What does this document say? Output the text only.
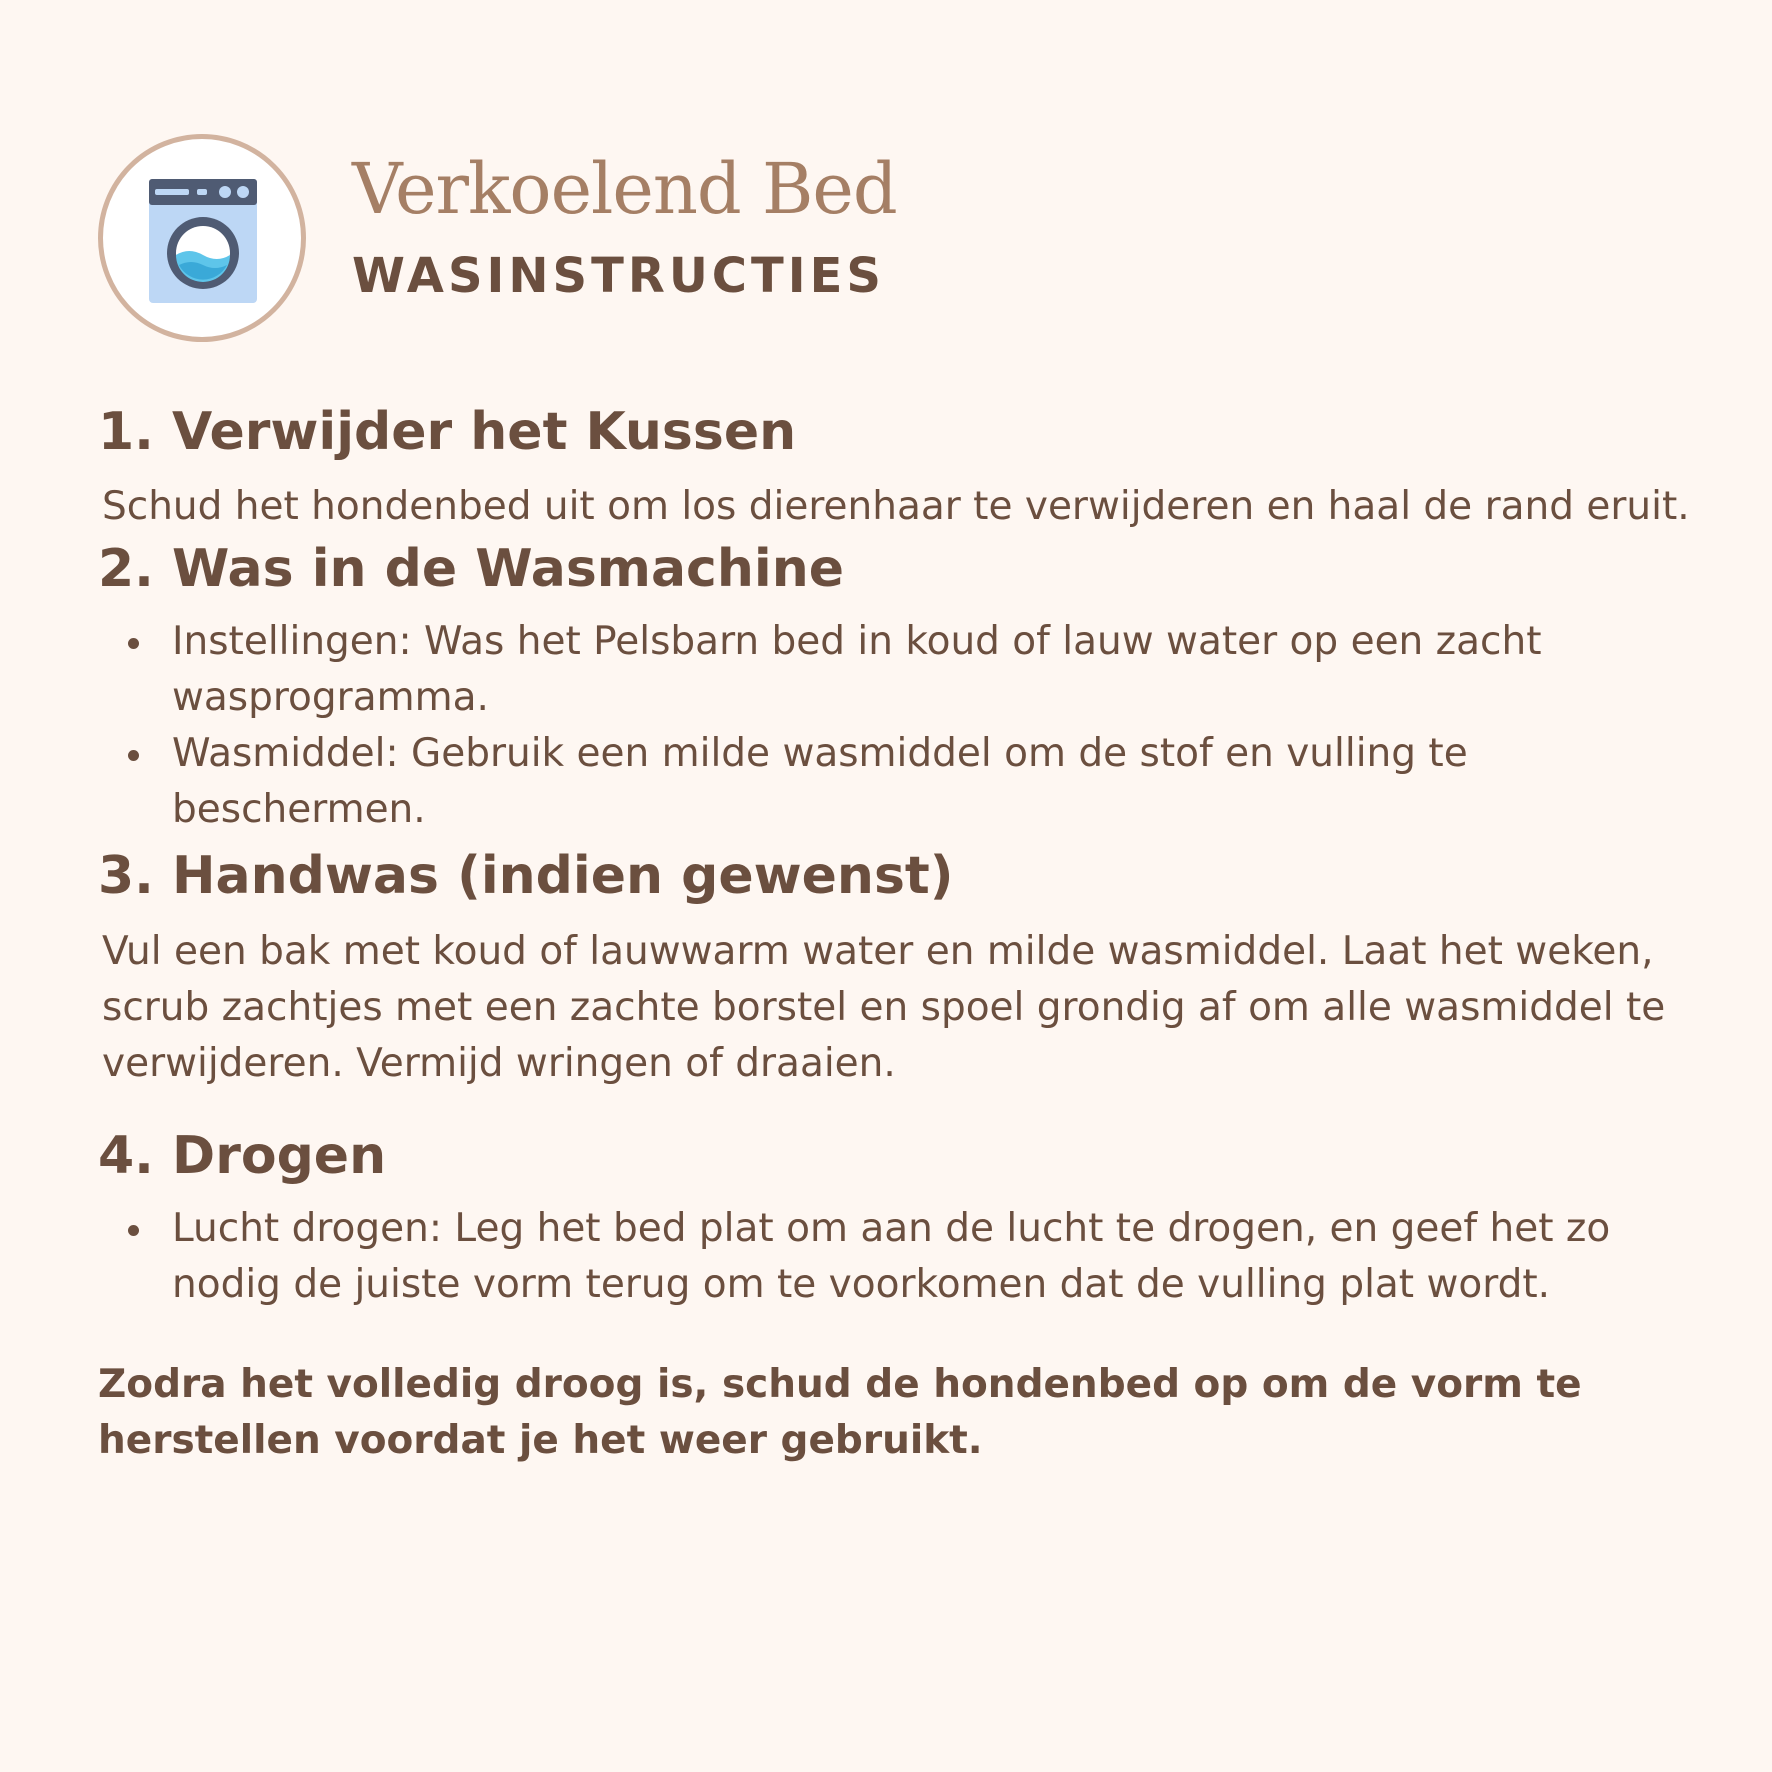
Verkoelend Bed
WASINSTRUCTIES
1. Verwijder het Kussen

Schud het hondenbed uit om los dierenhaar te verwijderen en haal de rand eruit.

2. Was in de Wasmachine
Instellingen: Was het Pelsbarn bed in koud of lauw water op een zacht wasprogramma.
Wasmiddel: Gebruik een milde wasmiddel om de stof en vulling te beschermen.
3. Handwas (indien gewenst)

Vul een bak met koud of lauwwarm water en milde wasmiddel. Laat het weken, scrub zachtjes met een zachte borstel en spoel grondig af om alle wasmiddel te verwijderen. Vermijd wringen of draaien.

4. Drogen
Lucht drogen: Leg het bed plat om aan de lucht te drogen, en geef het zo nodig de juiste vorm terug om te voorkomen dat de vulling plat wordt.

Zodra het volledig droog is, schud de hondenbed op om de vorm te herstellen voordat je het weer gebruikt.
